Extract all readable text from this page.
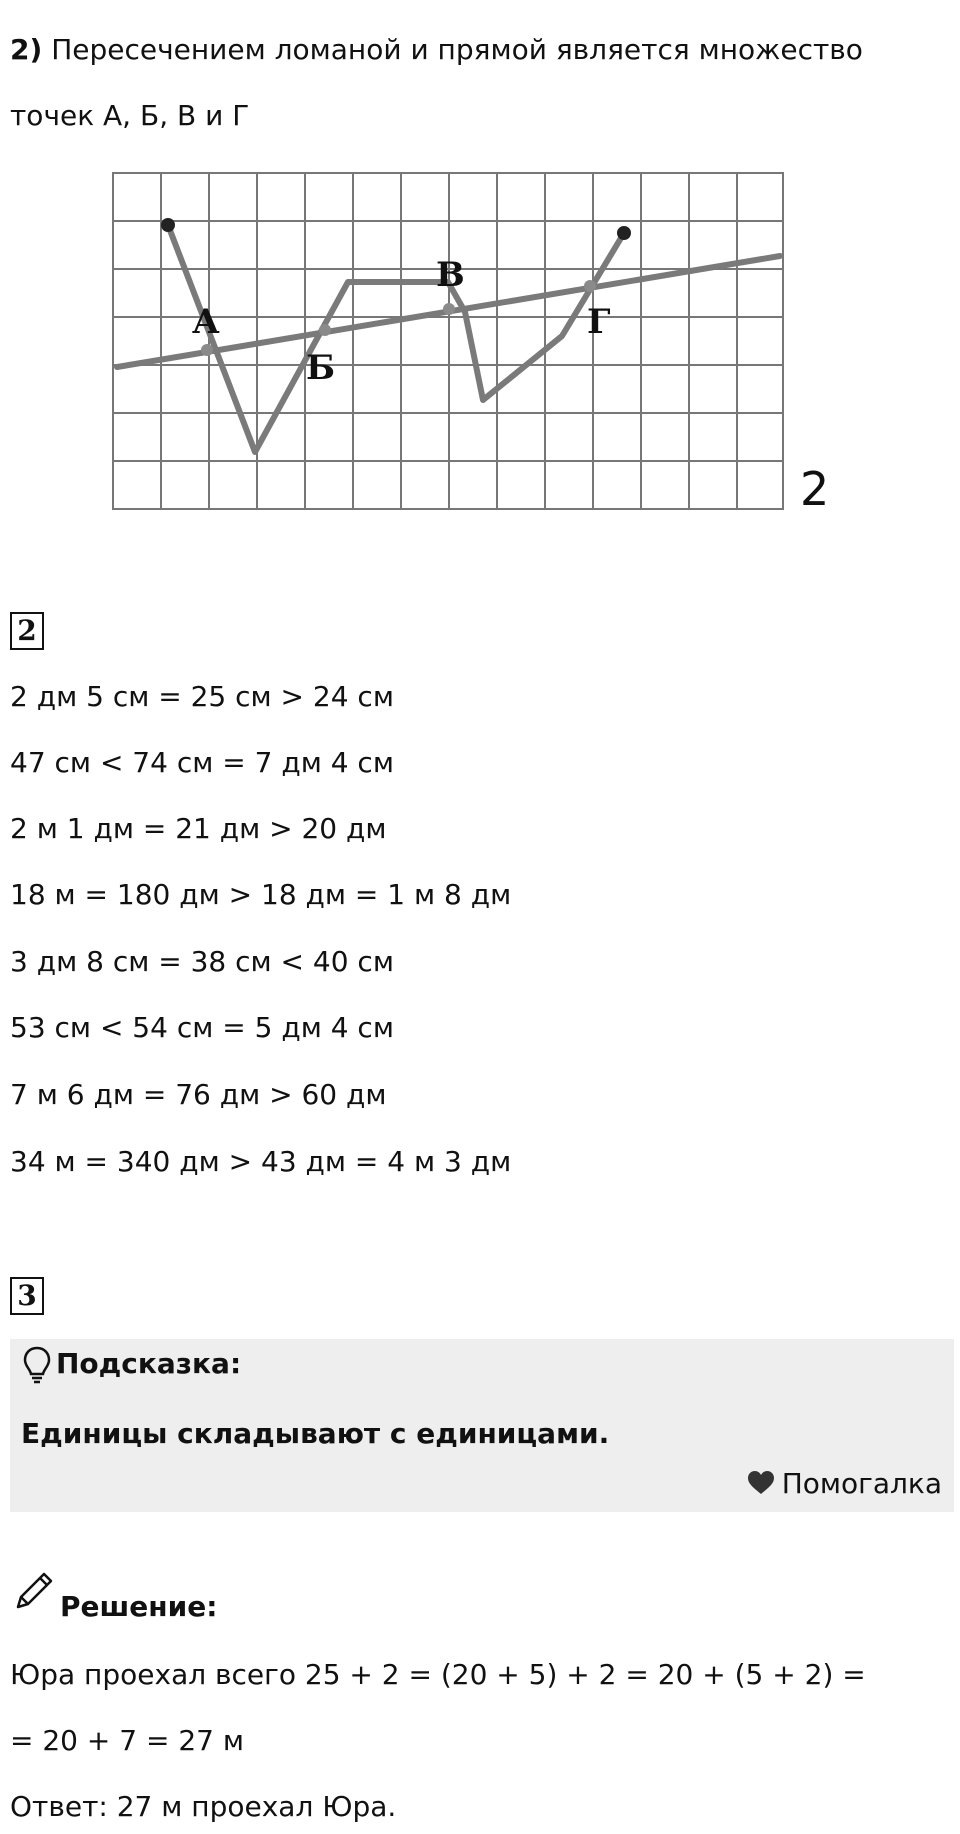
2) Пересечением ломаной и прямой является множество
точек А, Б, В и Г
А
Б
В
Г
2
2
2 дм 5 см = 25 см > 24 см
47 см < 74 см = 7 дм 4 см
2 м 1 дм = 21 дм > 20 дм
18 м = 180 дм > 18 дм = 1 м 8 дм
3 дм 8 см = 38 см < 40 см
53 см < 54 см = 5 дм 4 см
7 м 6 дм = 76 дм > 60 дм
34 м = 340 дм > 43 дм = 4 м 3 дм
3
Подсказка:
Единицы складывают с единицами.
Помогалка
Решение:
Юра проехал всего 25 + 2 = (20 + 5) + 2 = 20 + (5 + 2) =
= 20 + 7 = 27 м
Ответ: 27 м проехал Юра.
